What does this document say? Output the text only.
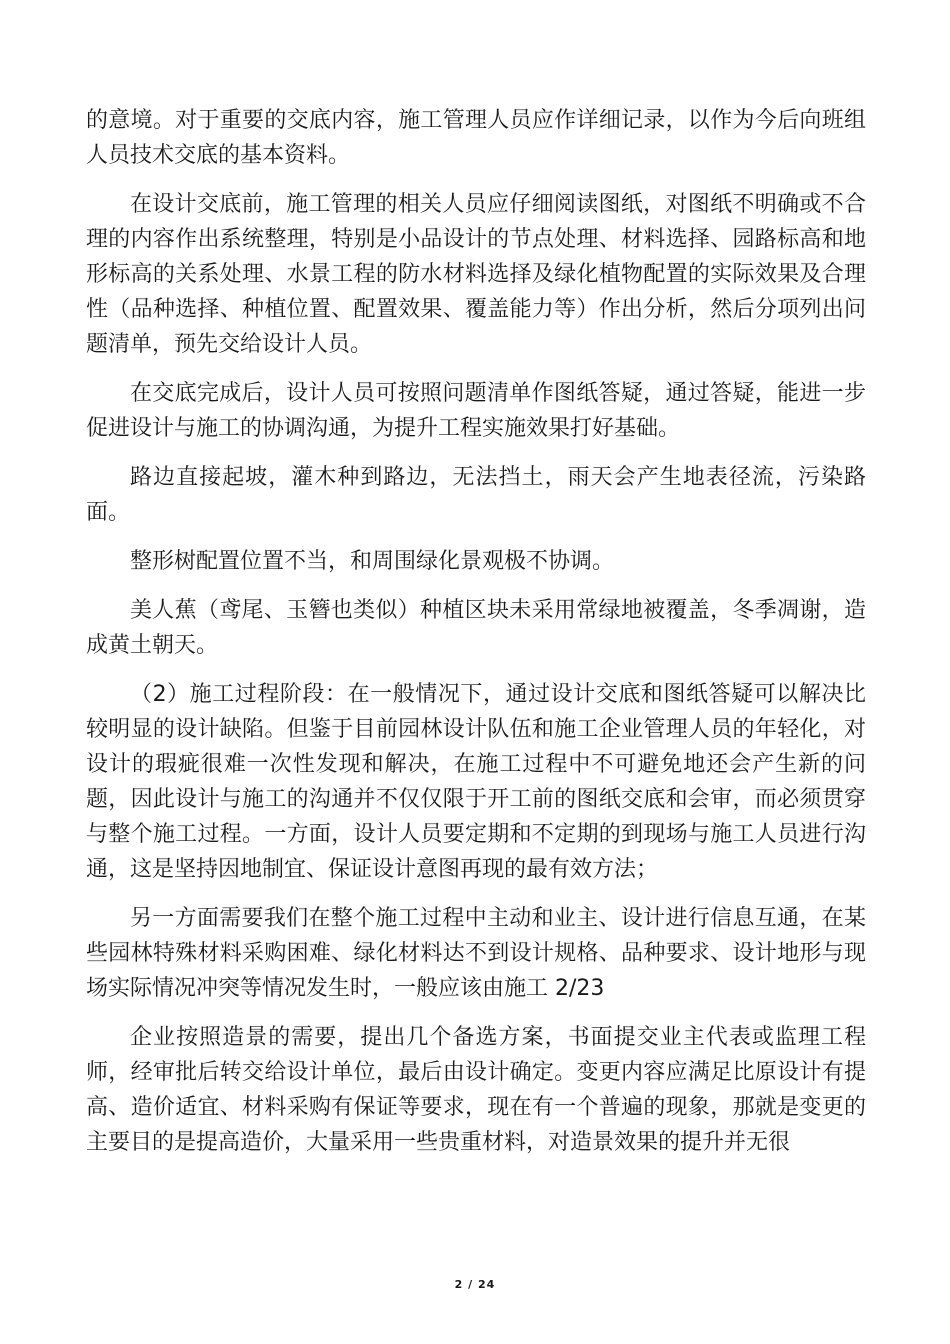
的意境。对于重要的交底内容，施工管理人员应作详细记录，以作为今后向班组人员技术交底的基本资料。

在设计交底前，施工管理的相关人员应仔细阅读图纸，对图纸不明确或不合理的内容作出系统整理，特别是小品设计的节点处理、材料选择、园路标高和地形标高的关系处理、水景工程的防水材料选择及绿化植物配置的实际效果及合理性（品种选择、种植位置、配置效果、覆盖能力等）作出分析，然后分项列出问题清单，预先交给设计人员。

在交底完成后，设计人员可按照问题清单作图纸答疑，通过答疑，能进一步促进设计与施工的协调沟通，为提升工程实施效果打好基础。

路边直接起坡，灌木种到路边，无法挡土，雨天会产生地表径流，污染路面。

整形树配置位置不当，和周围绿化景观极不协调。

美人蕉（鸢尾、玉簪也类似）种植区块未采用常绿地被覆盖，冬季凋谢，造成黄土朝天。

（2）施工过程阶段：在一般情况下，通过设计交底和图纸答疑可以解决比较明显的设计缺陷。但鉴于目前园林设计队伍和施工企业管理人员的年轻化，对设计的瑕疵很难一次性发现和解决，在施工过程中不可避免地还会产生新的问题，因此设计与施工的沟通并不仅仅限于开工前的图纸交底和会审，而必须贯穿与整个施工过程。一方面，设计人员要定期和不定期的到现场与施工人员进行沟通，这是坚持因地制宜、保证设计意图再现的最有效方法；

另一方面需要我们在整个施工过程中主动和业主、设计进行信息互通，在某些园林特殊材料采购困难、绿化材料达不到设计规格、品种要求、设计地形与现场实际情况冲突等情况发生时，一般应该由施工 2/23

企业按照造景的需要，提出几个备选方案，书面提交业主代表或监理工程师，经审批后转交给设计单位，最后由设计确定。变更内容应满足比原设计有提高、造价适宜、材料采购有保证等要求，现在有一个普遍的现象，那就是变更的主要目的是提高造价，大量采用一些贵重材料，对造景效果的提升并无很

2 / 24
